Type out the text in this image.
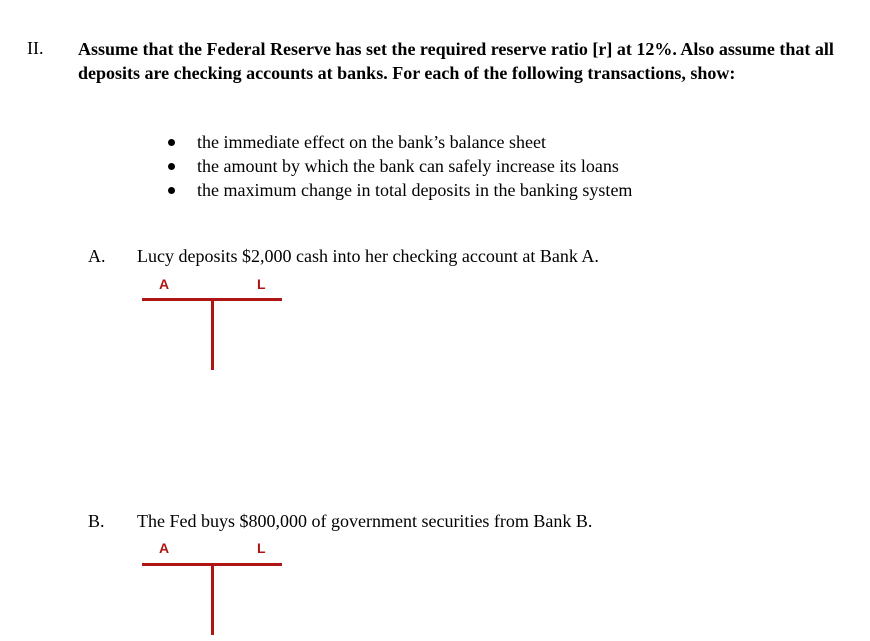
II. Assume that the Federal Reserve has set the required reserve ratio [r] at 12%. Also assume that all deposits are checking accounts at banks. For each of the following transactions, show:
the immediate effect on the bank’s balance sheet
the amount by which the bank can safely increase its loans
the maximum change in total deposits in the banking system
A. Lucy deposits $2,000 cash into her checking account at Bank A.
A	L
B. The Fed buys $800,000 of government securities from Bank B.
A	L
